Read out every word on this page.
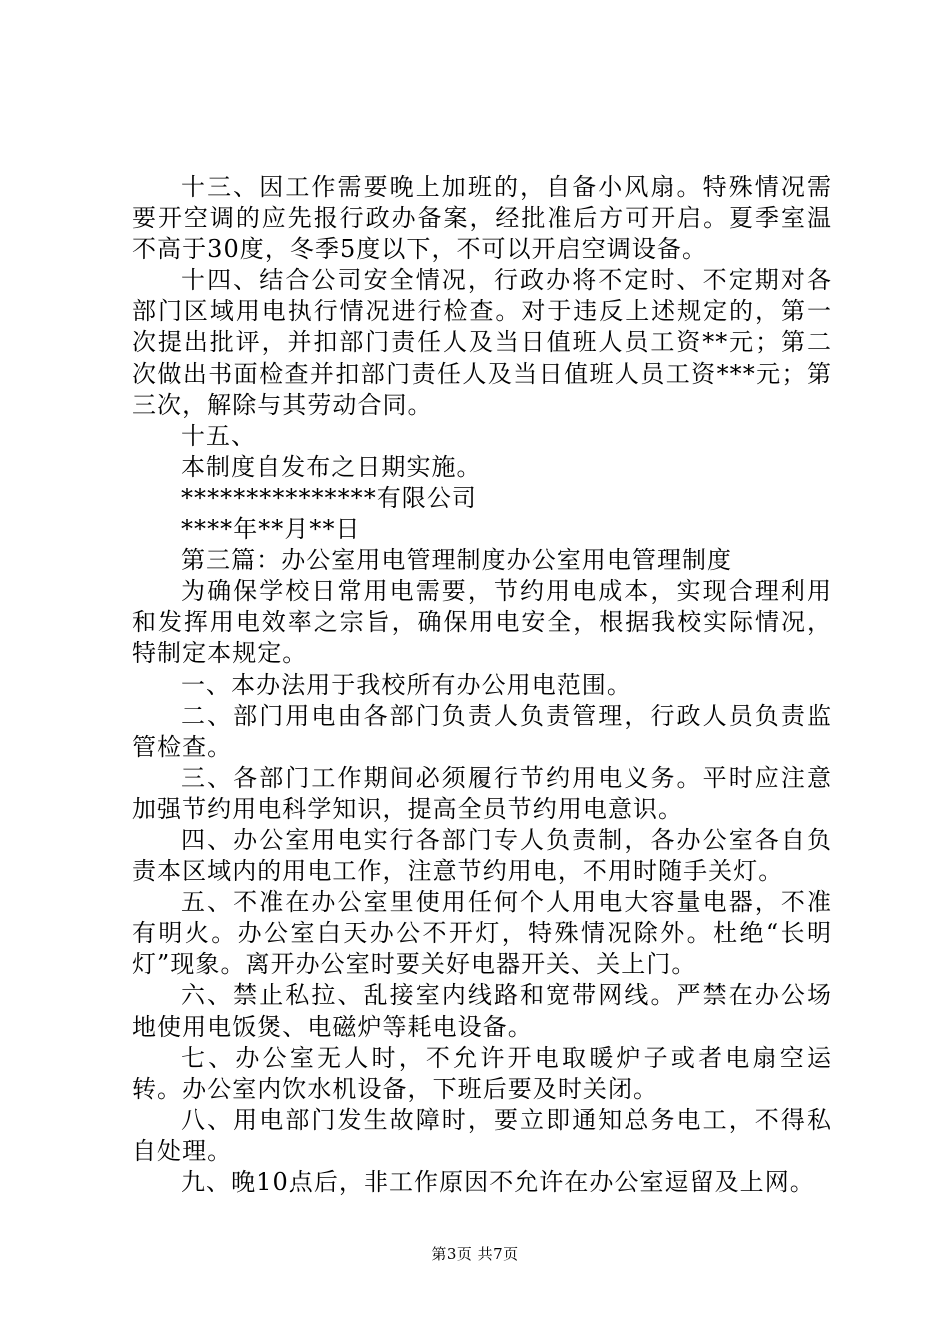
十三、因工作需要晚上加班的，自备小风扇。特殊情况需要开空调的应先报行政办备案，经批准后方可开启。夏季室温不高于30度，冬季5度以下，不可以开启空调设备。

十四、结合公司安全情况，行政办将不定时、不定期对各部门区域用电执行情况进行检查。对于违反上述规定的，第一次提出批评，并扣部门责任人及当日值班人员工资**元；第二次做出书面检查并扣部门责任人及当日值班人员工资***元；第三次，解除与其劳动合同。

十五、

本制度自发布之日期实施。

***************有限公司

****年**月**日

第三篇：办公室用电管理制度办公室用电管理制度

为确保学校日常用电需要，节约用电成本，实现合理利用和发挥用电效率之宗旨，确保用电安全，根据我校实际情况，特制定本规定。

一、本办法用于我校所有办公用电范围。

二、部门用电由各部门负责人负责管理，行政人员负责监管检查。

三、各部门工作期间必须履行节约用电义务。平时应注意加强节约用电科学知识，提高全员节约用电意识。

四、办公室用电实行各部门专人负责制，各办公室各自负责本区域内的用电工作，注意节约用电，不用时随手关灯。

五、不准在办公室里使用任何个人用电大容量电器，不准有明火。办公室白天办公不开灯，特殊情况除外。杜绝“长明灯”现象。离开办公室时要关好电器开关、关上门。

六、禁止私拉、乱接室内线路和宽带网线。严禁在办公场地使用电饭煲、电磁炉等耗电设备。

七、办公室无人时，不允许开电取暖炉子或者电扇空运转。办公室内饮水机设备，下班后要及时关闭。

八、用电部门发生故障时，要立即通知总务电工，不得私自处理。

九、晚10点后，非工作原因不允许在办公室逗留及上网。

第3页 共7页
